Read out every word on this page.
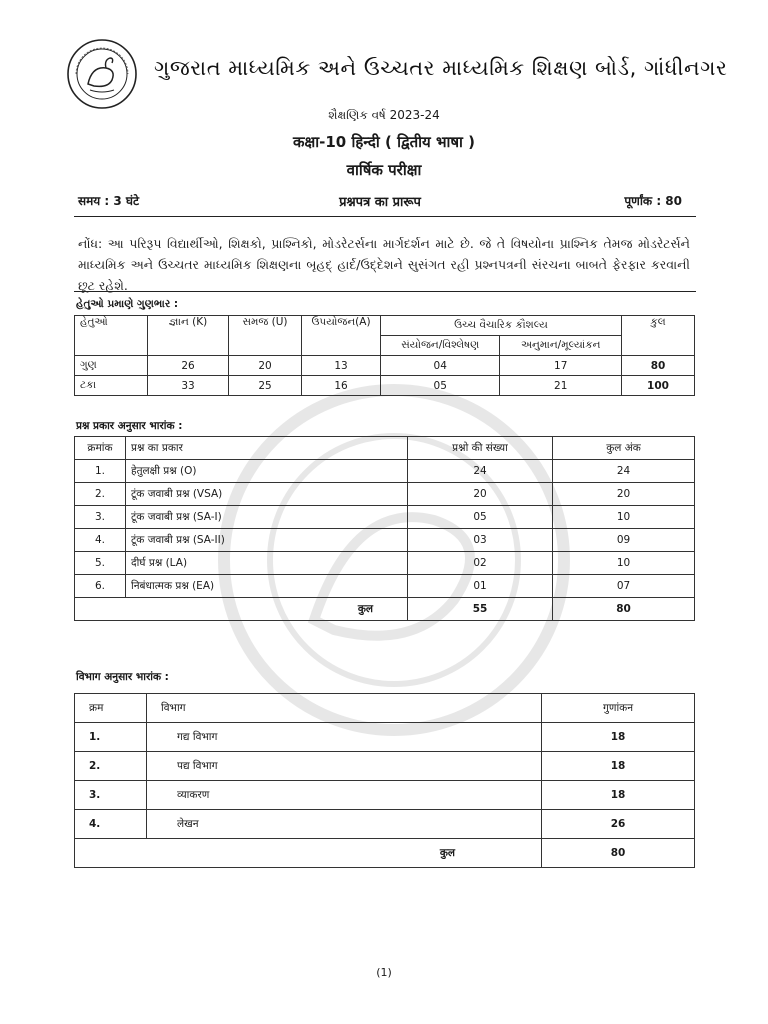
ગુજરાત માધ્યમિક અને ઉચ્ચતર માધ્યમિક શિક્ષણ બોર્ડ, ગાંધીનગર
શૈક્ષણિક વર્ષ 2023-24
कक्षा-10 हिन्दी ( द्वितीय भाषा )
वार्षिक परीक्षा
समय : 3 घंटे	प्रश्नपत्र का प्रारूप	पूर्णांक : 80
નોંધ: આ પરિરૂપ વિદ્યાર્થીઓ, શિક્ષકો, પ્રાશ્નિકો, મોડરેટર્સના માર્ગદર્શન માટે છે. જે તે વિષયોના પ્રાશ્નિક તેમજ મોડરેટર્સને માધ્યમિક અને ઉચ્ચતર માધ્યમિક શિક્ષણના બૃહદ્ હાર્દ/ઉદ્દેશને સુસંગત રહી પ્રશ્નપત્રની સંરચના બાબતે ફેરફાર કરવાની છૂટ રહેશે.
હેતુઓ પ્રમાણે ગુણભાર :
હેતુઓ	જ્ઞાન (K)	સમજ (U)	ઉપયોજન(A)	ઉચ્ચ વૈચારિક કૌશલ્ય		કુલ
				સંયોજન/વિશ્લેષણ	અનુમાન/મૂલ્યાંકન	
ગુણ	26	20	13	04	17	80
ટકા	33	25	16	05	21	100
प्रश्न प्रकार अनुसार भारांक :
क्रमांक	प्रश्न का प्रकार	प्रश्नो की संख्या	कुल अंक
1.	हेतुलक्षी प्रश्न (O)	24	24
2.	टूंक जवाबी प्रश्न (VSA)	20	20
3.	टूंक जवाबी प्रश्न (SA-I)	05	10
4.	टूंक जवाबी प्रश्न (SA-II)	03	09
5.	दीर्घ प्रश्न (LA)	02	10
6.	निबंधात्मक प्रश्न (EA)	01	07
कुल		55	80
विभाग अनुसार भारांक :
क्रम	विभाग	गुणांकन
1.	गद्य विभाग	18
2.	पद्य विभाग	18
3.	व्याकरण	18
4.	लेखन	26
कुल		80
(1)
